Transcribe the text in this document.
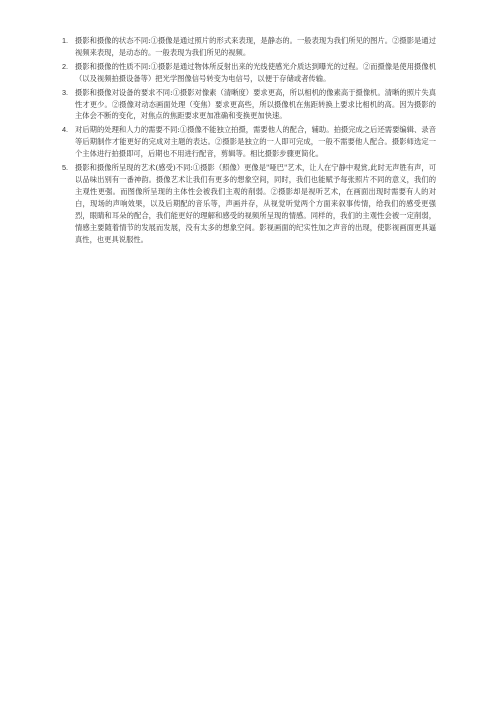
1. 摄影和摄像的状态不同:①摄像是通过照片的形式来表现，是静态的。一般表现为我们所见的图片。②摄影是通过视频来表现，是动态的。一般表现为我们所见的视频。
2. 摄影和摄像的性质不同:①摄影是通过物体所反射出来的光线使感光介质达到曝光的过程。②而摄像是使用摄像机（以及视频拍摄设备等）把光学图像信号转变为电信号，以便于存储或者传输。
3. 摄影和摄像对设备的要求不同:①摄影对像素（清晰度）要求更高，所以相机的像素高于摄像机。清晰的照片失真性才更少。②摄像对动态画面处理（变焦）要求更高些，所以摄像机在焦距转换上要求比相机的高。因为摄影的主体会不断的变化，对焦点的焦距要求更加准确和变换更加快速。
4. 对后期的处理和人力的需要不同:①摄像不能独立拍摄，需要他人的配合，辅助。拍摄完成之后还需要编辑、录音等后期制作才能更好的完成对主题的表达。②摄影是独立的一人即可完成，一般不需要他人配合。摄影师选定一个主体进行拍摄即可，后期也不用进行配音，剪辑等。相比摄影步骤更简化。
5. 摄影和摄像所呈现的艺术(感受)不同:①摄影（照像）更像是"哑巴"艺术，让人在宁静中观赏,此时无声胜有声，可以品味出别有一番神韵。摄像艺术让我们有更多的想象空间，同时，我们也能赋予每张照片不同的意义，我们的主观性更强。而图像所呈现的主体性会被我们主观的削弱。②摄影却是视听艺术，在画面出现时需要有人的对白，现场的声响效果，以及后期配的音乐等，声画并存，从视觉听觉两个方面来叙事传情，给我们的感受更强烈，眼睛和耳朵的配合，我们能更好的理解和感受的视频所呈现的情感。同样的，我们的主观性会被一定削弱，情感主要随着情节的发展而发展，没有太多的想象空间。影视画面的纪实性加之声音的出现，使影视画面更具逼真性，也更具说服性。
